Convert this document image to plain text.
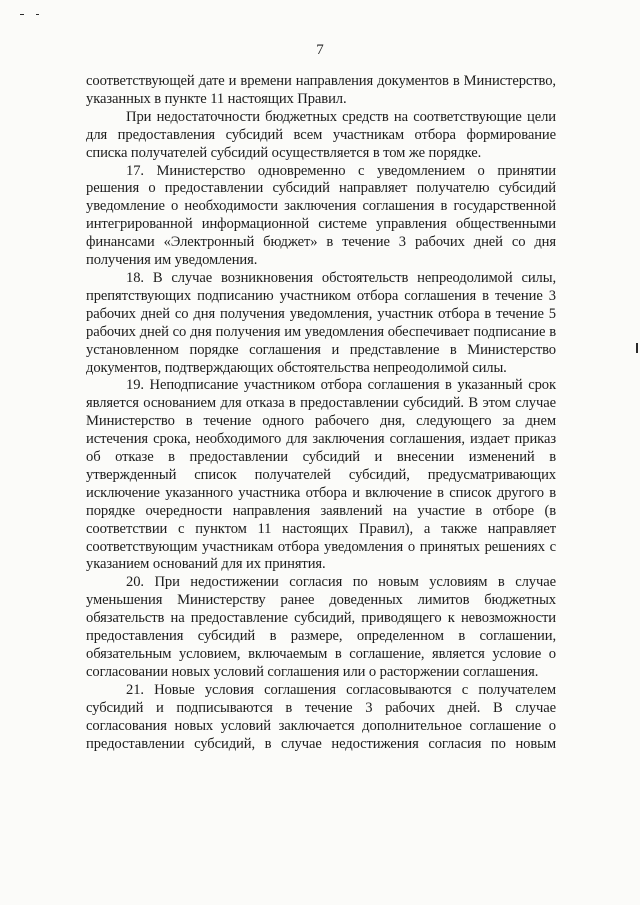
7

соответствующей дате и времени направления документов в Министерство, указанных в пункте 11 настоящих Правил.

При недостаточности бюджетных средств на соответствующие цели для предоставления субсидий всем участникам отбора формирование списка получателей субсидий осуществляется в том же порядке.

17. Министерство одновременно с уведомлением о принятии решения о предоставлении субсидий направляет получателю субсидий уведомление о необходимости заключения соглашения в государственной интегрированной информационной системе управления общественными финансами «Электронный бюджет» в течение 3 рабочих дней со дня получения им уведомления.

18. В случае возникновения обстоятельств непреодолимой силы, препятствующих подписанию участником отбора соглашения в течение 3 рабочих дней со дня получения уведомления, участник отбора в течение 5 рабочих дней со дня получения им уведомления обеспечивает подписание в установленном порядке соглашения и представление в Министерство документов, подтверждающих обстоятельства непреодолимой силы.

19. Неподписание участником отбора соглашения в указанный срок является основанием для отказа в предоставлении субсидий. В этом случае Министерство в течение одного рабочего дня, следующего за днем истечения срока, необходимого для заключения соглашения, издает приказ об отказе в предоставлении субсидий и внесении изменений в утвержденный список получателей субсидий, предусматривающих исключение указанного участника отбора и включение в список другого в порядке очередности направления заявлений на участие в отборе (в соответствии с пунктом 11 настоящих Правил), а также направляет соответствующим участникам отбора уведомления о принятых решениях с указанием оснований для их принятия.

20. При недостижении согласия по новым условиям в случае уменьшения Министерству ранее доведенных лимитов бюджетных обязательств на предоставление субсидий, приводящего к невозможности предоставления субсидий в размере, определенном в соглашении, обязательным условием, включаемым в соглашение, является условие о согласовании новых условий соглашения или о расторжении соглашения.

21. Новые условия соглашения согласовываются с получателем субсидий и подписываются в течение 3 рабочих дней. В случае согласования новых условий заключается дополнительное соглашение о предоставлении субсидий, в случае недостижения согласия по новым
